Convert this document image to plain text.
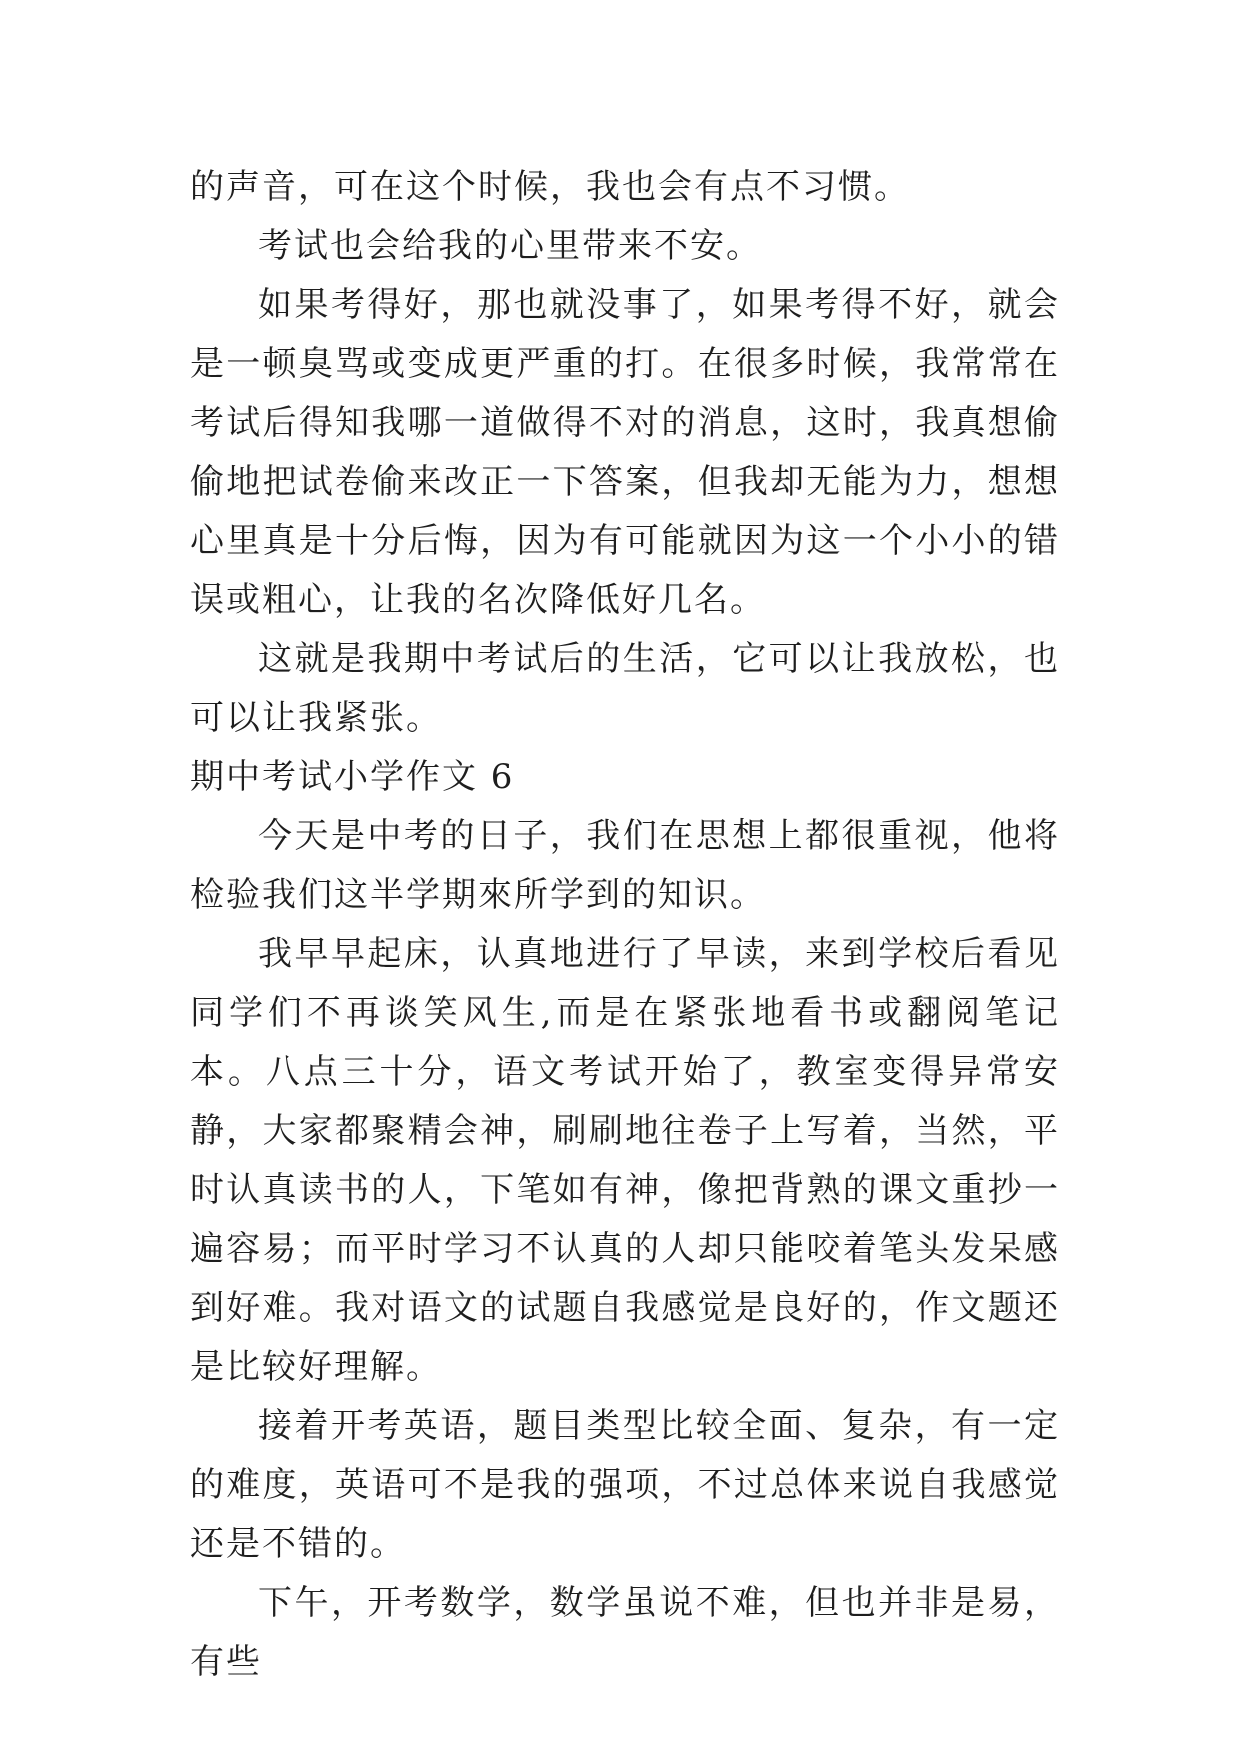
的声音，可在这个时候，我也会有点不习惯。

考试也会给我的心里带来不安。

如果考得好，那也就没事了，如果考得不好，就会是一顿臭骂或变成更严重的打。在很多时候，我常常在考试后得知我哪一道做得不对的消息，这时，我真想偷偷地把试卷偷来改正一下答案，但我却无能为力，想想心里真是十分后悔，因为有可能就因为这一个小小的错误或粗心，让我的名次降低好几名。

这就是我期中考试后的生活，它可以让我放松，也可以让我紧张。

期中考试小学作文 6

今天是中考的日子，我们在思想上都很重视，他将检验我们这半学期來所学到的知识。

我早早起床，认真地进行了早读，来到学校后看见同学们不再谈笑风生,而是在紧张地看书或翻阅笔记本。八点三十分，语文考试开始了，教室变得异常安静，大家都聚精会神，刷刷地往卷子上写着，当然，平时认真读书的人，下笔如有神，像把背熟的课文重抄一遍容易；而平时学习不认真的人却只能咬着笔头发呆感到好难。我对语文的试题自我感觉是良好的，作文题还是比较好理解。

接着开考英语，题目类型比较全面、复杂，有一定的难度，英语可不是我的强项，不过总体来说自我感觉还是不错的。

下午，开考数学，数学虽说不难，但也并非是易，有些
